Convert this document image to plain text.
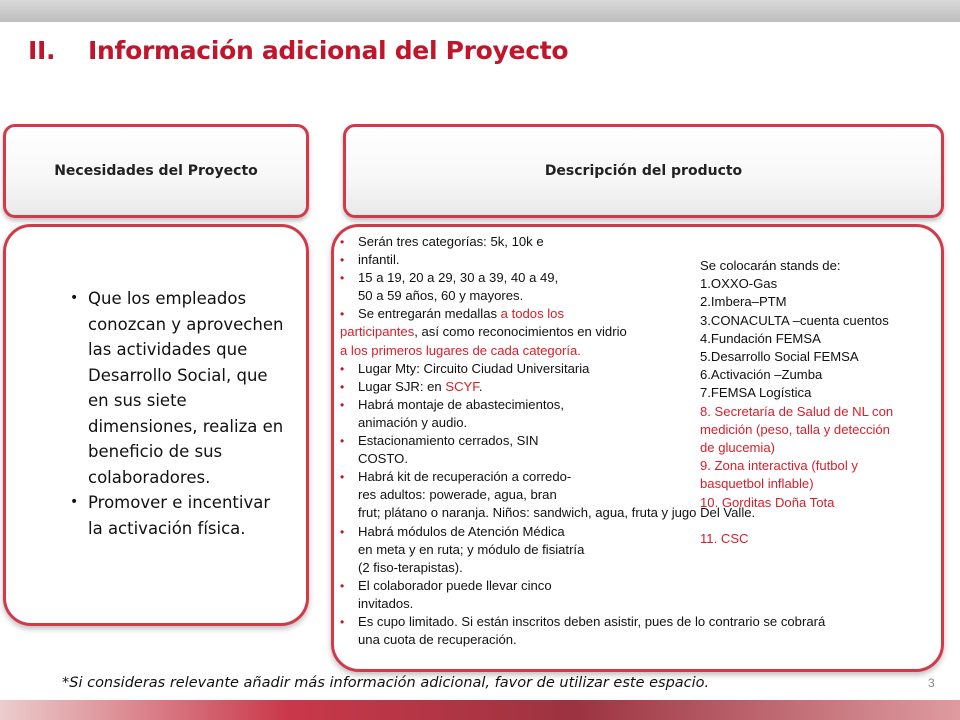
II. Información adicional del Proyecto
Necesidades del Proyecto	Descripción del producto
• Que los empleados conozcan y aprovechen las actividades que Desarrollo Social, que en sus siete dimensiones, realiza en beneficio de sus colaboradores.
• Promover e incentivar la activación física.
• Serán tres categorías: 5k, 10k e
• infantil.
• 15 a 19, 20 a 29, 30 a 39, 40 a 49,
50 a 59 años, 60 y mayores.
• Se entregarán medallas a todos los
participantes, así como reconocimientos en vidrio
a los primeros lugares de cada categoría.
• Lugar Mty: Circuito Ciudad Universitaria
• Lugar SJR: en SCYF.
• Habrá montaje de abastecimientos,
animación y audio.
• Estacionamiento cerrados, SIN
COSTO.
• Habrá kit de recuperación a corredo-
res adultos: powerade, agua, bran
frut; plátano o naranja. Niños: sandwich, agua, fruta y jugo Del Valle.
• Habrá módulos de Atención Médica
en meta y en ruta; y módulo de fisiatría
(2 fiso-terapistas).
• El colaborador puede llevar cinco
invitados.
• Es cupo limitado. Si están inscritos deben asistir, pues de lo contrario se cobrará
una cuota de recuperación.
Se colocarán stands de:
1.OXXO-Gas
2.Imbera–PTM
3.CONACULTA –cuenta cuentos
4.Fundación FEMSA
5.Desarrollo Social FEMSA
6.Activación –Zumba
7.FEMSA Logística
8. Secretaría de Salud de NL con
medición (peso, talla y detección
de glucemia)
9. Zona interactiva (futbol y
basquetbol inflable)
10. Gorditas Doña Tota
11. CSC
*Si consideras relevante añadir más información adicional, favor de utilizar este espacio.	3
